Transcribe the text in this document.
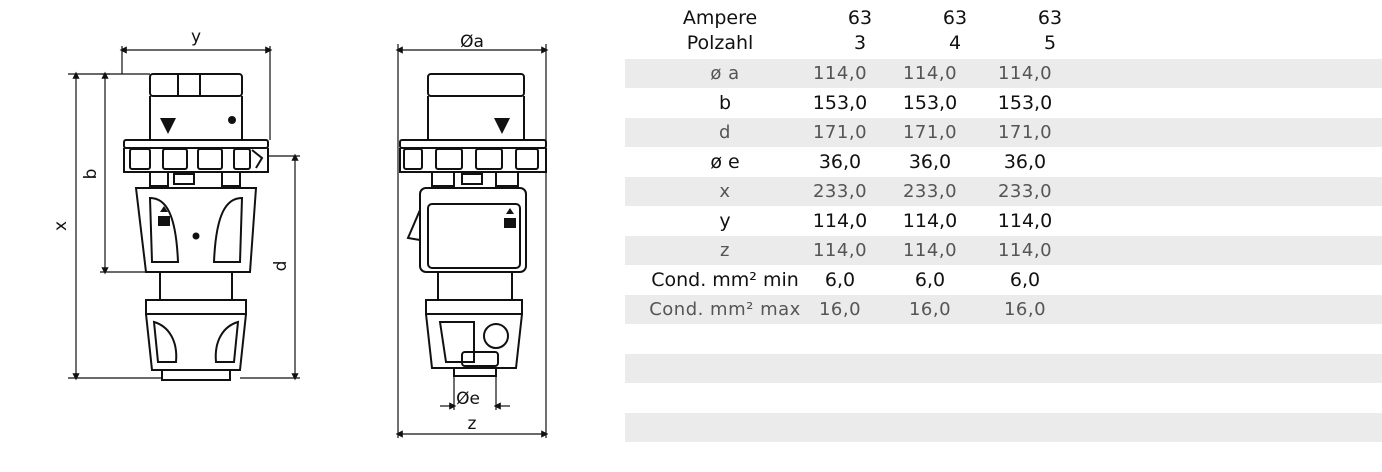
y
x
b
d
Øa
Øe
z
Ampere	63	63	63
Polzahl	3	4	5
ø a	114,0	114,0	114,0
b	153,0	153,0	153,0
d	171,0	171,0	171,0
ø e	36,0	36,0	36,0
x	233,0	233,0	233,0
y	114,0	114,0	114,0
z	114,0	114,0	114,0
Cond. mm² min	6,0	6,0	6,0
Cond. mm² max	16,0	16,0	16,0
